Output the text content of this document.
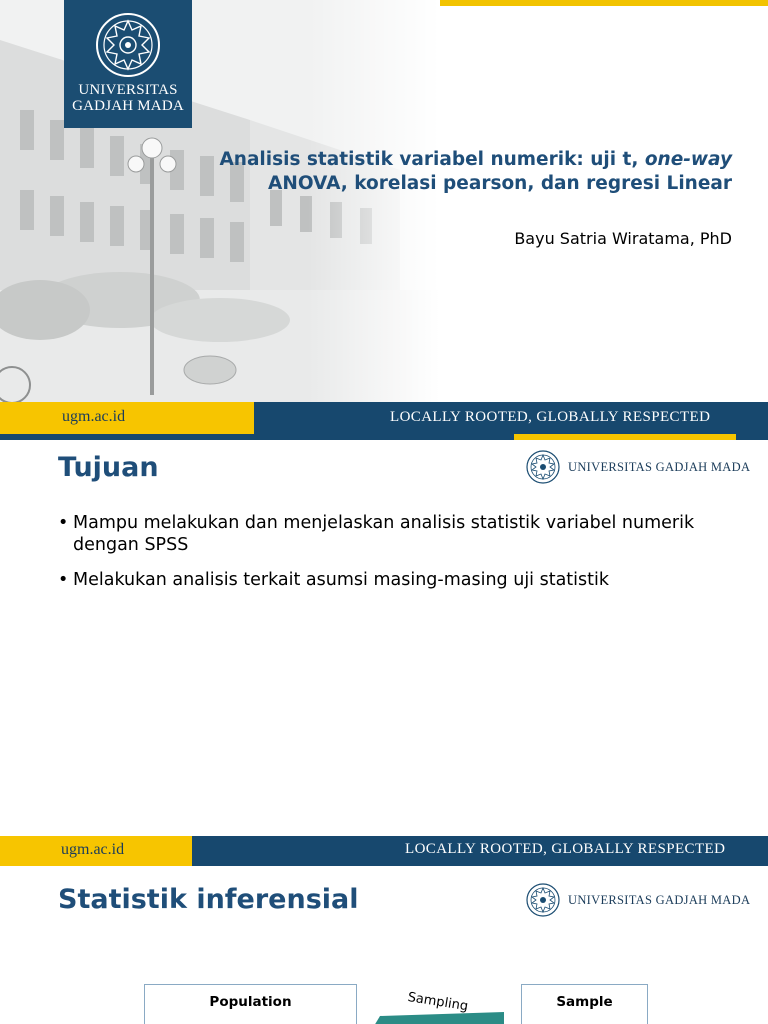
UNIVERSITAS
GADJAH MADA
Analisis statistik variabel numerik: uji t, one-way ANOVA, korelasi pearson, dan regresi Linear
Bayu Satria Wiratama, PhD
ugm.ac.id	LOCALLY ROOTED, GLOBALLY RESPECTED
Tujuan	UNIVERSITAS GADJAH MADA
• Mampu melakukan dan menjelaskan analisis statistik variabel numerik dengan SPSS
• Melakukan analisis terkait asumsi masing-masing uji statistik
ugm.ac.id	LOCALLY ROOTED, GLOBALLY RESPECTED
Statistik inferensial	UNIVERSITAS GADJAH MADA
Population	Sampling	Sample
